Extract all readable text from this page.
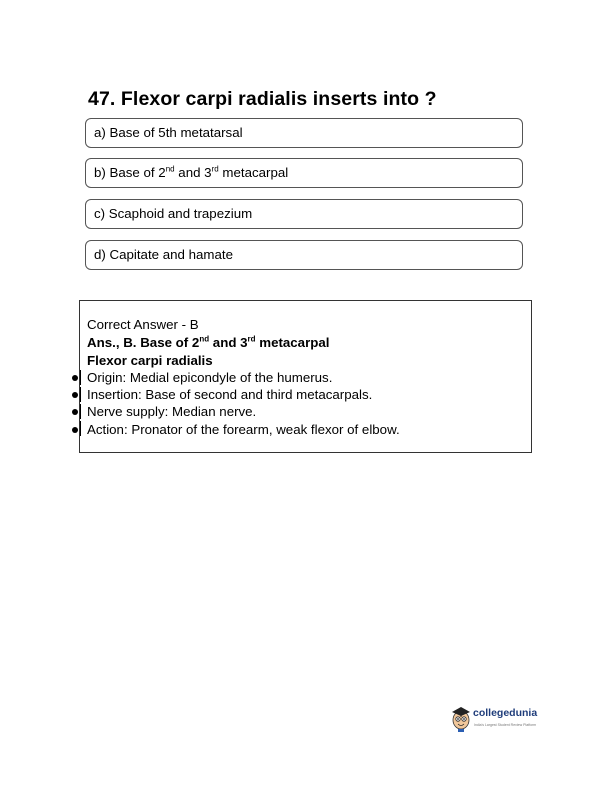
47. Flexor carpi radialis inserts into ?
a) Base of 5th metatarsal
b) Base of 2nd and 3rd metacarpal
c) Scaphoid and trapezium
d) Capitate and hamate
Correct Answer - B
Ans., B. Base of 2nd and 3rd metacarpal
Flexor carpi radialis
Origin: Medial epicondyle of the humerus.
Insertion: Base of second and third metacarpals.
Nerve supply: Median nerve.
Action: Pronator of the forearm, weak flexor of elbow.
collegedunia
India's Largest Student Review Platform
